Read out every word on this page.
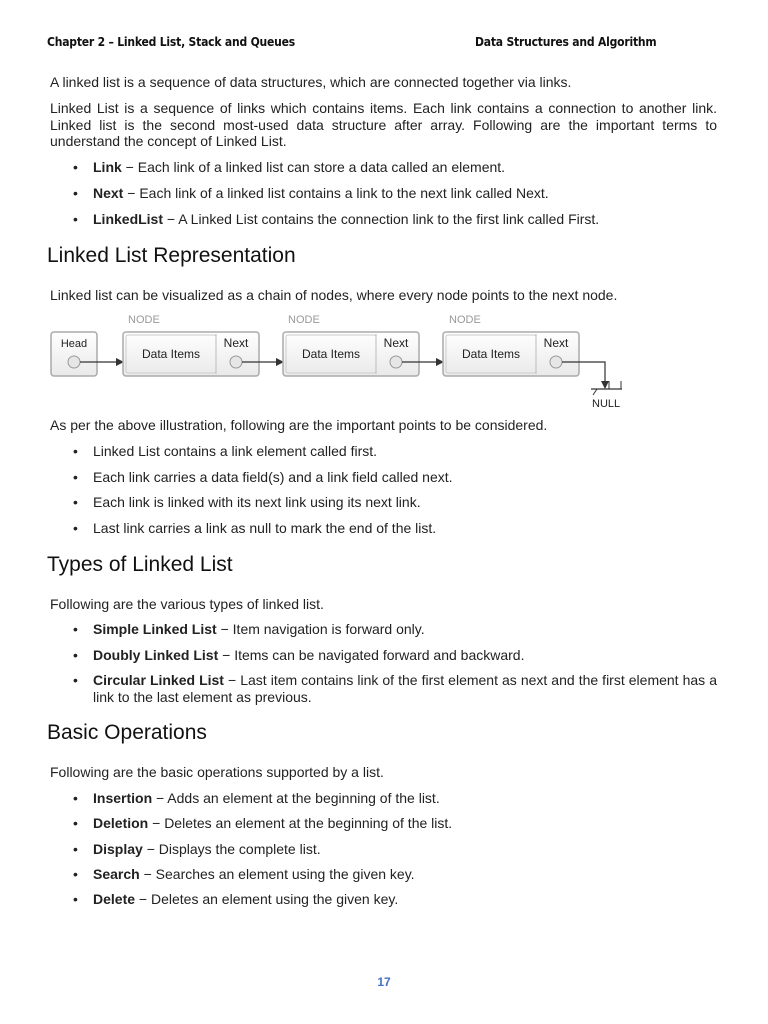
Chapter 2 – Linked List, Stack and Queues	Data Structures and Algorithm

A linked list is a sequence of data structures, which are connected together via links.

Linked List is a sequence of links which contains items. Each link contains a connection to another link. Linked list is the second most-used data structure after array. Following are the important terms to understand the concept of Linked List.

• Link − Each link of a linked list can store a data called an element.
• Next − Each link of a linked list contains a link to the next link called Next.
• LinkedList − A Linked List contains the connection link to the first link called First.
Linked List Representation

Linked list can be visualized as a chain of nodes, where every node points to the next node.

Head
NODE
Data Items
Next
NODE
Data Items
Next
NODE
Data Items
Next
NULL

As per the above illustration, following are the important points to be considered.

• Linked List contains a link element called first.
• Each link carries a data field(s) and a link field called next.
• Each link is linked with its next link using its next link.
• Last link carries a link as null to mark the end of the list.
Types of Linked List

Following are the various types of linked list.

• Simple Linked List − Item navigation is forward only.
• Doubly Linked List − Items can be navigated forward and backward.
• Circular Linked List − Last item contains link of the first element as next and the first element has a link to the last element as previous.
Basic Operations

Following are the basic operations supported by a list.

• Insertion − Adds an element at the beginning of the list.
• Deletion − Deletes an element at the beginning of the list.
• Display − Displays the complete list.
• Search − Searches an element using the given key.
• Delete − Deletes an element using the given key.
17
